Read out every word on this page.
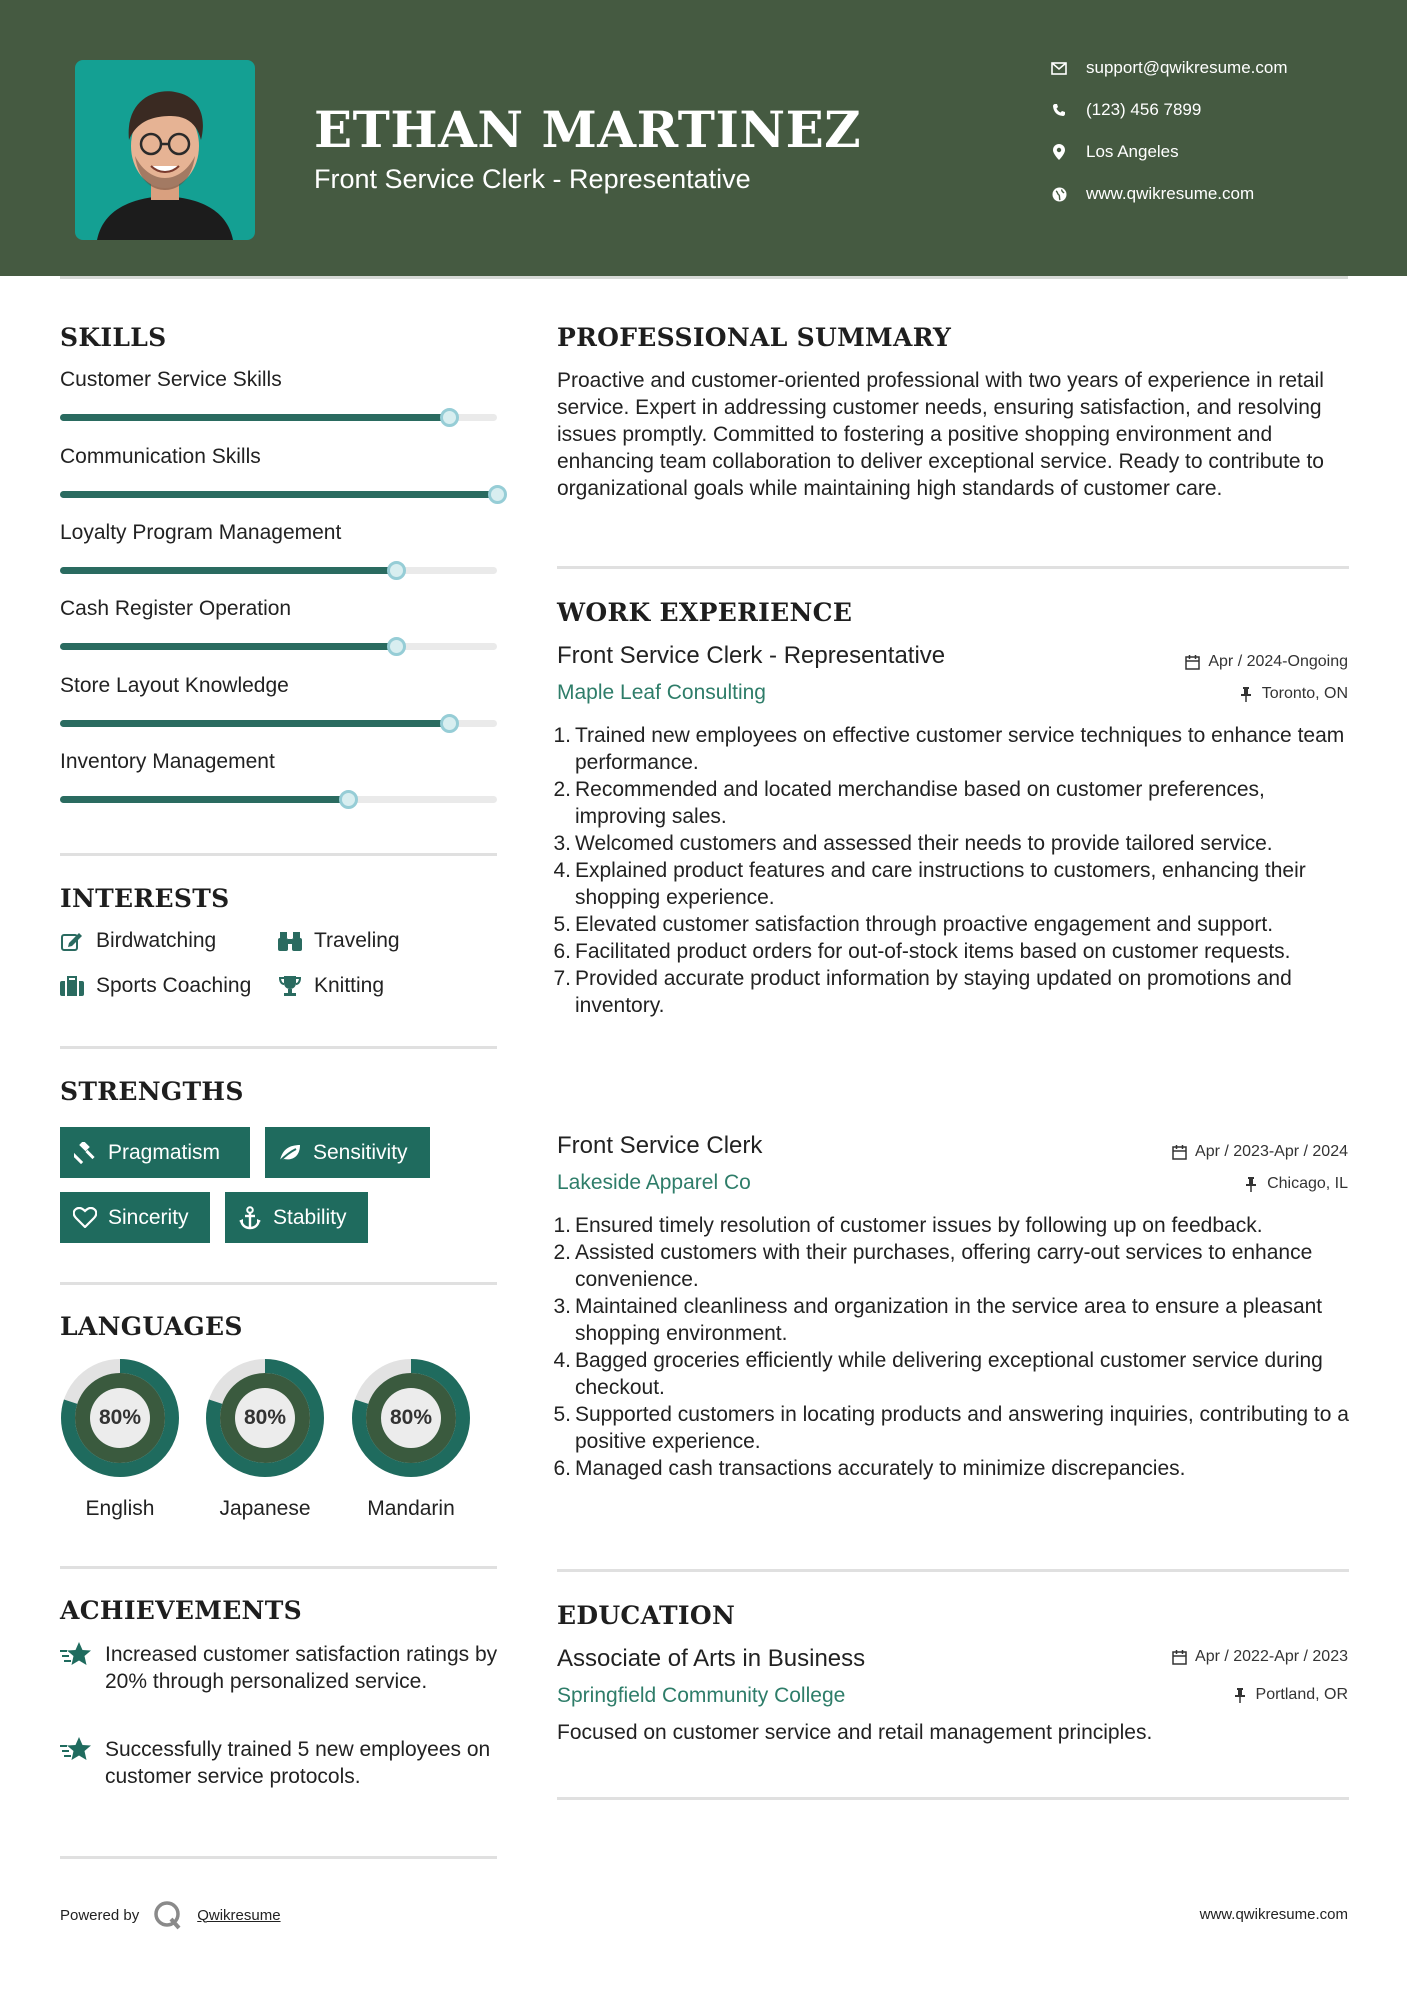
ETHAN MARTINEZ
Front Service Clerk - Representative
support@qwikresume.com
(123) 456 7899
Los Angeles
www.qwikresume.com
SKILLS
Customer Service Skills
Communication Skills
Loyalty Program Management
Cash Register Operation
Store Layout Knowledge
Inventory Management
INTERESTS
Birdwatching	Traveling
Sports Coaching	Knitting
STRENGTHS
Pragmatism	Sensitivity
Sincerity	Stability
LANGUAGES
80%
English
80%
Japanese
80%
Mandarin
ACHIEVEMENTS
Increased customer satisfaction ratings by 20% through personalized service.
Successfully trained 5 new employees on customer service protocols.
PROFESSIONAL SUMMARY
Proactive and customer-oriented professional with two years of experience in retail service. Expert in addressing customer needs, ensuring satisfaction, and resolving issues promptly. Committed to fostering a positive shopping environment and enhancing team collaboration to deliver exceptional service. Ready to contribute to organizational goals while maintaining high standards of customer care.
WORK EXPERIENCE
Front Service Clerk - Representative	Apr / 2024-Ongoing
Maple Leaf Consulting	Toronto, ON
1. Trained new employees on effective customer service techniques to enhance team performance.
2. Recommended and located merchandise based on customer preferences, improving sales.
3. Welcomed customers and assessed their needs to provide tailored service.
4. Explained product features and care instructions to customers, enhancing their shopping experience.
5. Elevated customer satisfaction through proactive engagement and support.
6. Facilitated product orders for out-of-stock items based on customer requests.
7. Provided accurate product information by staying updated on promotions and inventory.
Front Service Clerk	Apr / 2023-Apr / 2024
Lakeside Apparel Co	Chicago, IL
1. Ensured timely resolution of customer issues by following up on feedback.
2. Assisted customers with their purchases, offering carry-out services to enhance convenience.
3. Maintained cleanliness and organization in the service area to ensure a pleasant shopping environment.
4. Bagged groceries efficiently while delivering exceptional customer service during checkout.
5. Supported customers in locating products and answering inquiries, contributing to a positive experience.
6. Managed cash transactions accurately to minimize discrepancies.
EDUCATION
Associate of Arts in Business	Apr / 2022-Apr / 2023
Springfield Community College	Portland, OR
Focused on customer service and retail management principles.
Powered by	Qwikresume	www.qwikresume.com
